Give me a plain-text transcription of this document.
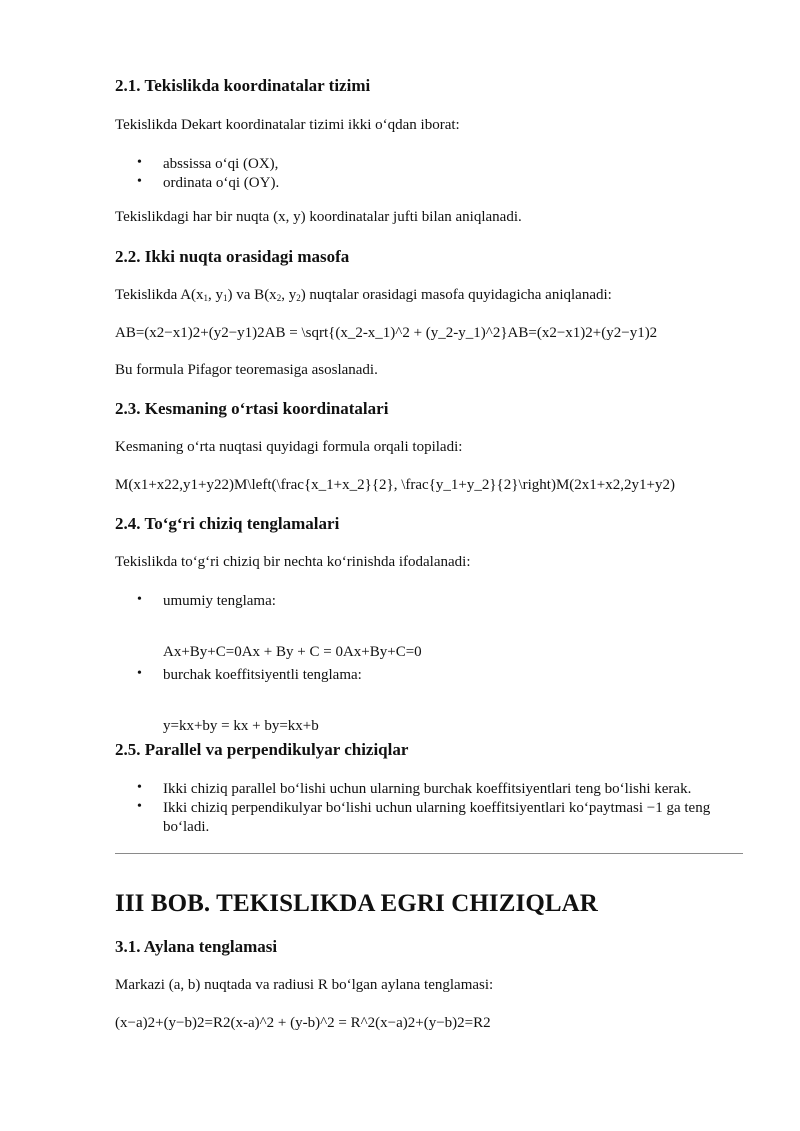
2.1. Tekislikda koordinatalar tizimi

Tekislikda Dekart koordinatalar tizimi ikki o‘qdan iborat:

• abssissa o‘qi (OX),
• ordinata o‘qi (OY).

Tekislikdagi har bir nuqta (x, y) koordinatalar jufti bilan aniqlanadi.

2.2. Ikki nuqta orasidagi masofa

Tekislikda $A(x_1$, $y_1$) va $B(x_2$, $y_2$) nuqtalar orasidagi masofa quyidagicha aniqlanadi:

AB=(x2−x1)2+(y2−y1)2AB = \sqrt{(x_2-x_1)^2 + (y_2-y_1)^2}AB=(x2−x1)2+(y2−y1)2

Bu formula Pifagor teoremasiga asoslanadi.

2.3. Kesmaning o‘rtasi koordinatalari

Kesmaning o‘rta nuqtasi quyidagi formula orqali topiladi:

M(x1+x22,y1+y22)M\left(\frac{x_1+x_2}{2}, \frac{y_1+y_2}{2}\right)M(2x1+x2,2y1+y2)

2.4. To‘g‘ri chiziq tenglamalari

Tekislikda to‘g‘ri chiziq bir nechta ko‘rinishda ifodalanadi:

• umumiy tenglama:

Ax+By+C=0Ax + By + C = 0Ax+By+C=0

• burchak koeffitsiyentli tenglama:

y=kx+by = kx + by=kx+b

2.5. Parallel va perpendikulyar chiziqlar
• Ikki chiziq parallel bo‘lishi uchun ularning burchak koeffitsiyentlari teng bo‘lishi kerak.
• Ikki chiziq perpendikulyar bo‘lishi uchun ularning koeffitsiyentlari ko‘paytmasi −1 ga teng bo‘ladi.
III BOB. TEKISLIKDA EGRI CHIZIQLAR
3.1. Aylana tenglamasi

Markazi (a, b) nuqtada va radiusi R bo‘lgan aylana tenglamasi:

(x−a)2+(y−b)2=R2(x-a)^2 + (y-b)^2 = R^2(x−a)2+(y−b)2=R2
